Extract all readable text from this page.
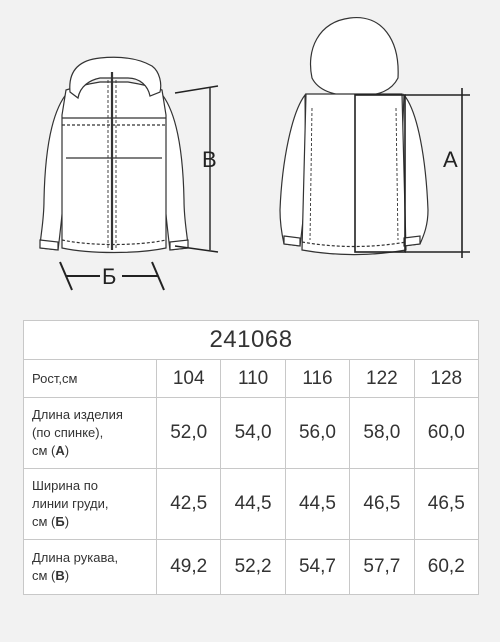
В
Б
А
241068					
Рост,см	104	110	116	122	128
Длина изделия
(по спинке),
см (А)	52,0	54,0	56,0	58,0	60,0
Ширина по
линии груди,
см (Б)	42,5	44,5	44,5	46,5	46,5
Длина рукава,
см (В)	49,2	52,2	54,7	57,7	60,2
